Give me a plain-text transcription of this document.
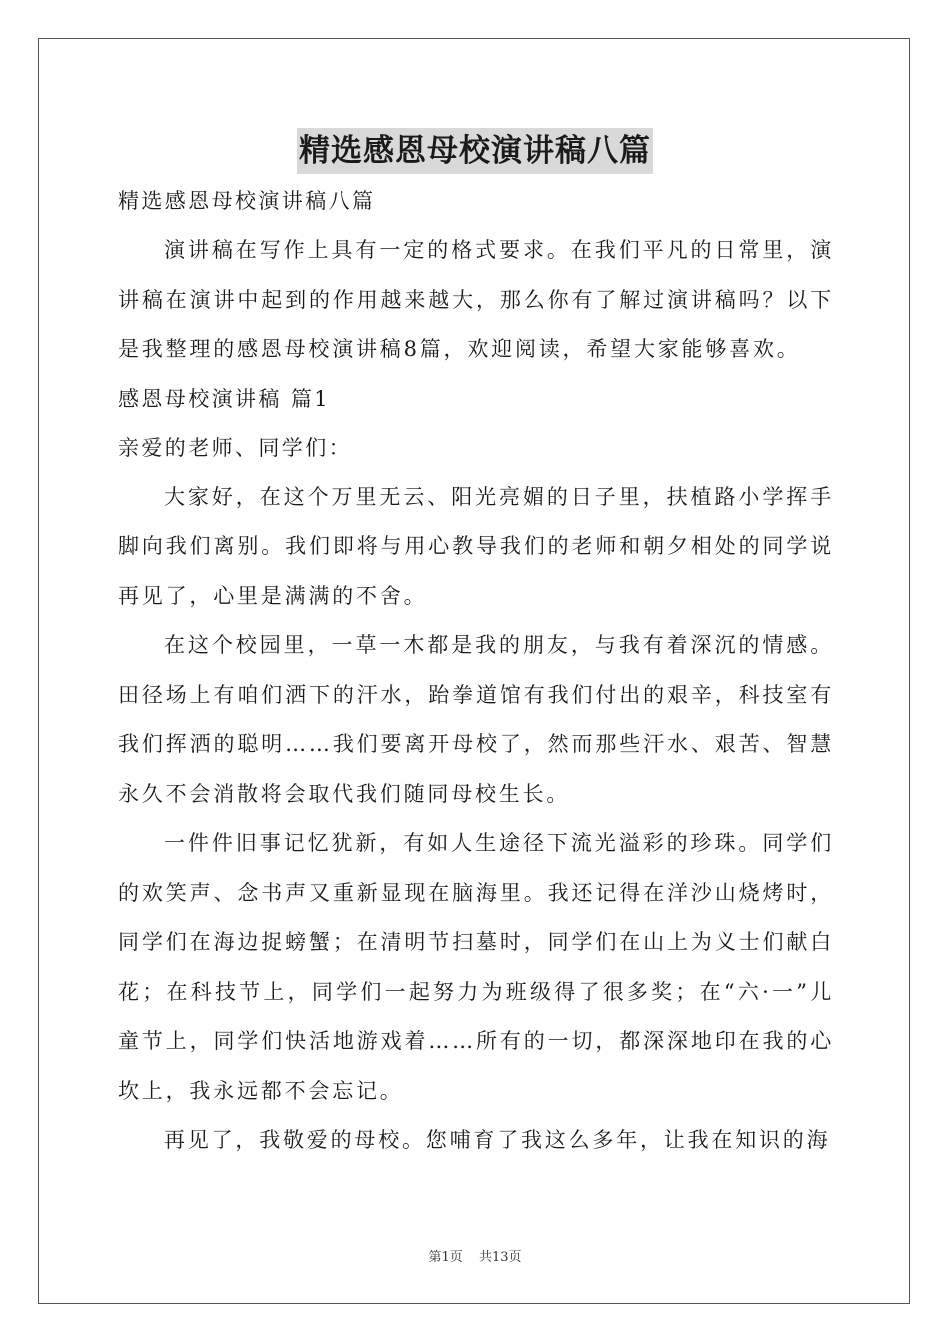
精选感恩母校演讲稿八篇

精选感恩母校演讲稿八篇

演讲稿在写作上具有一定的格式要求。在我们平凡的日常里，演讲稿在演讲中起到的作用越来越大，那么你有了解过演讲稿吗？以下是我整理的感恩母校演讲稿8篇，欢迎阅读，希望大家能够喜欢。

感恩母校演讲稿 篇1

亲爱的老师、同学们：

大家好，在这个万里无云、阳光亮媚的日子里，扶植路小学挥手脚向我们离别。我们即将与用心教导我们的老师和朝夕相处的同学说再见了，心里是满满的不舍。

在这个校园里，一草一木都是我的朋友，与我有着深沉的情感。田径场上有咱们洒下的汗水，跆拳道馆有我们付出的艰辛，科技室有我们挥洒的聪明……我们要离开母校了，然而那些汗水、艰苦、智慧永久不会消散将会取代我们随同母校生长。

一件件旧事记忆犹新，有如人生途径下流光溢彩的珍珠。同学们的欢笑声、念书声又重新显现在脑海里。我还记得在洋沙山烧烤时，同学们在海边捉螃蟹；在清明节扫墓时，同学们在山上为义士们献白花；在科技节上，同学们一起努力为班级得了很多奖；在“六·一”儿童节上，同学们快活地游戏着……所有的一切，都深深地印在我的心坎上，我永远都不会忘记。

再见了，我敬爱的母校。您哺育了我这么多年，让我在知识的海

第1页 共13页
